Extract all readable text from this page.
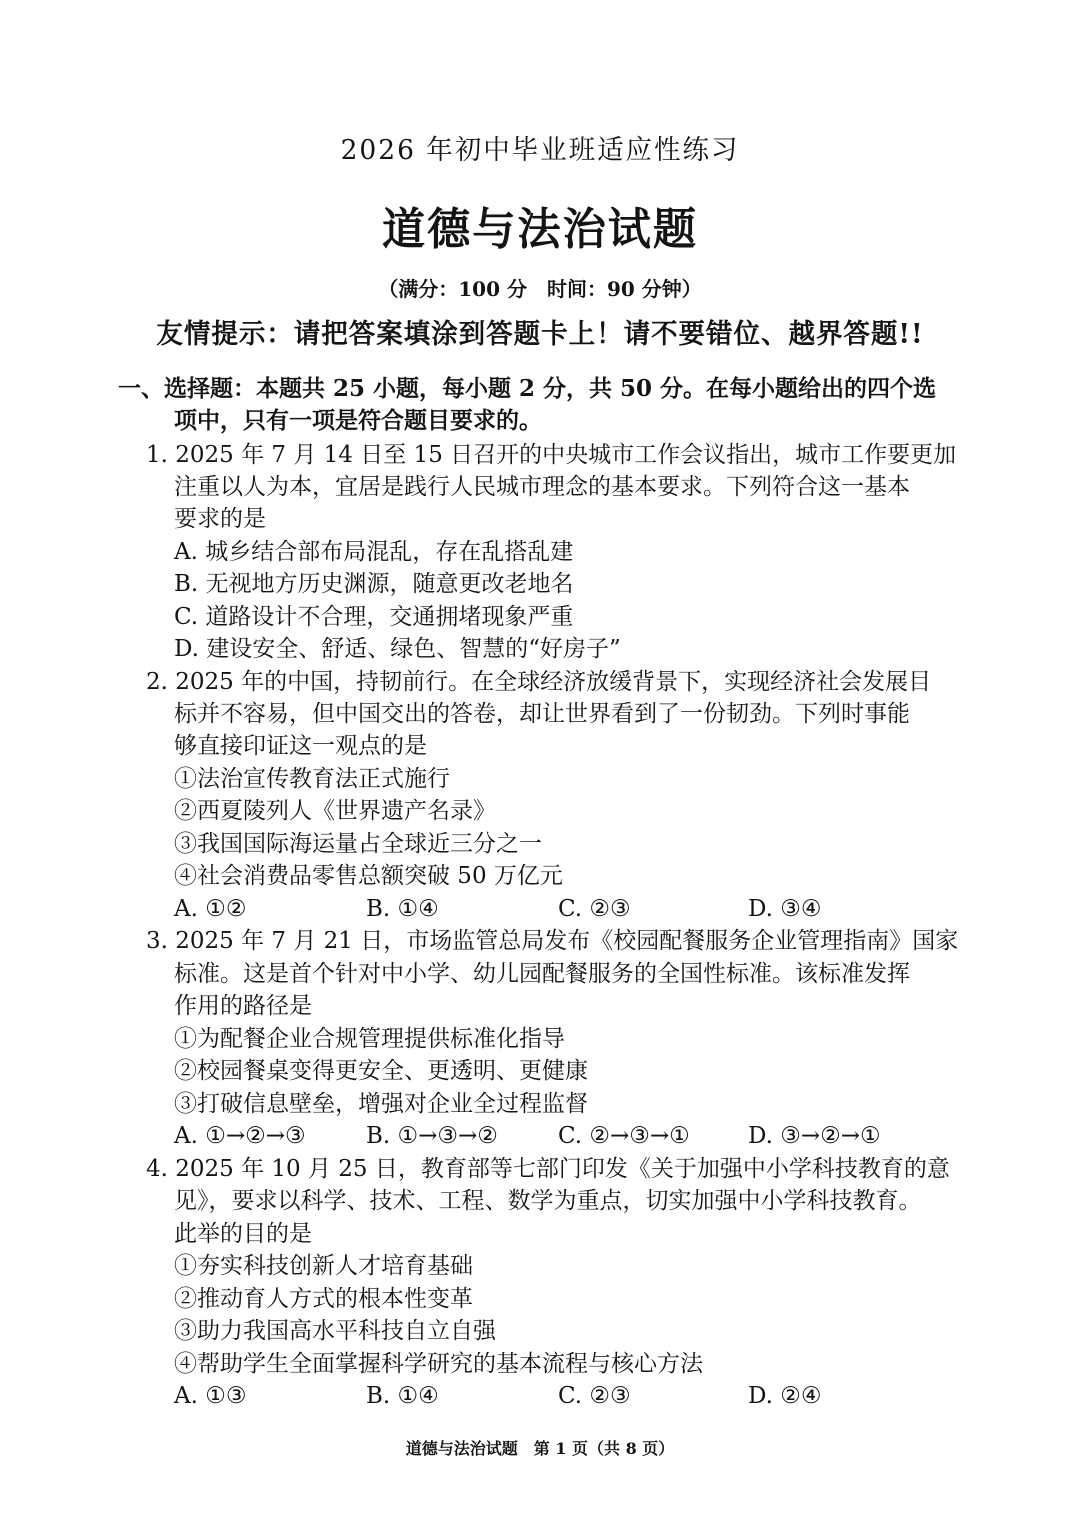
2026 年初中毕业班适应性练习
道德与法治试题
（满分：100 分 时间：90 分钟）
友情提示：请把答案填涂到答题卡上！请不要错位、越界答题!!
一、选择题：本题共 25 小题，每小题 2 分，共 50 分。在每小题给出的四个选
项中，只有一项是符合题目要求的。
1. 2025 年 7 月 14 日至 15 日召开的中央城市工作会议指出，城市工作要更加
注重以人为本，宜居是践行人民城市理念的基本要求。下列符合这一基本
要求的是
A. 城乡结合部布局混乱，存在乱搭乱建
B. 无视地方历史渊源，随意更改老地名
C. 道路设计不合理，交通拥堵现象严重
D. 建设安全、舒适、绿色、智慧的“好房子”
2. 2025 年的中国，持韧前行。在全球经济放缓背景下，实现经济社会发展目
标并不容易，但中国交出的答卷，却让世界看到了一份韧劲。下列时事能
够直接印证这一观点的是
①法治宣传教育法正式施行
②西夏陵列人《世界遗产名录》
③我国国际海运量占全球近三分之一
④社会消费品零售总额突破 50 万亿元
A. ①②	B. ①④	C. ②③	D. ③④
3. 2025 年 7 月 21 日，市场监管总局发布《校园配餐服务企业管理指南》国家
标准。这是首个针对中小学、幼儿园配餐服务的全国性标准。该标准发挥
作用的路径是
①为配餐企业合规管理提供标准化指导
②校园餐桌变得更安全、更透明、更健康
③打破信息壁垒，增强对企业全过程监督
A. ①→②→③	B. ①→③→②	C. ②→③→①	D. ③→②→①
4. 2025 年 10 月 25 日，教育部等七部门印发《关于加强中小学科技教育的意
见》，要求以科学、技术、工程、数学为重点，切实加强中小学科技教育。
此举的目的是
①夯实科技创新人才培育基础
②推动育人方式的根本性变革
③助力我国高水平科技自立自强
④帮助学生全面掌握科学研究的基本流程与核心方法
A. ①③	B. ①④	C. ②③	D. ②④
道德与法治试题　第 1 页（共 8 页）
